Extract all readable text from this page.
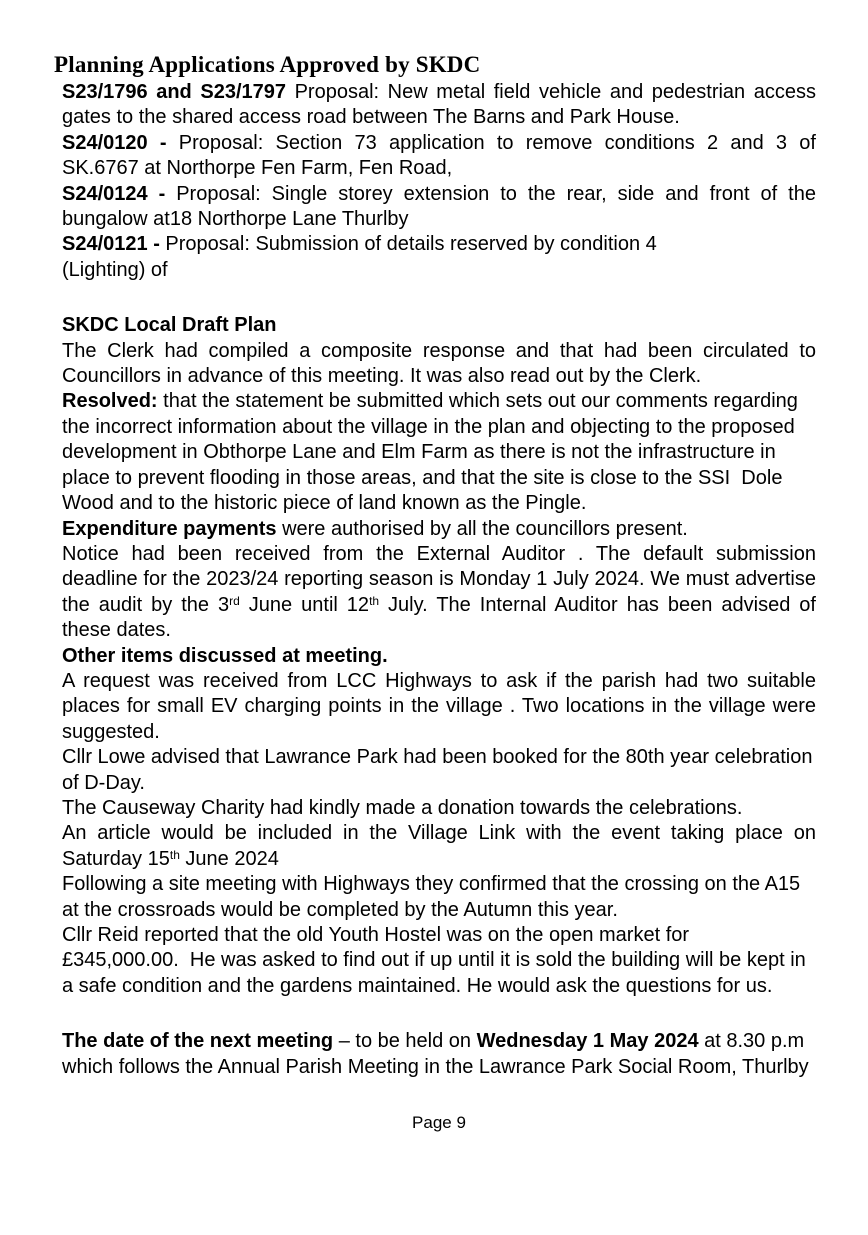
Planning Applications Approved by SKDC

S23/1796 and S23/1797 Proposal: New metal field vehicle and pedestrian access gates to the shared access road between The Barns and Park House.

S24/0120 - Proposal: Section 73 application to remove conditions 2 and 3 of SK.6767 at Northorpe Fen Farm, Fen Road,

S24/0124 - Proposal: Single storey extension to the rear, side and front of the bungalow at18 Northorpe Lane Thurlby

S24/0121 - Proposal: Submission of details reserved by condition 4
(Lighting) of

SKDC Local Draft Plan

The Clerk had compiled a composite response and that had been circulated to Councillors in advance of this meeting. It was also read out by the Clerk.

Resolved: that the statement be submitted which sets out our comments regarding the incorrect information about the village in the plan and objecting to the proposed development in Obthorpe Lane and Elm Farm as there is not the infrastructure in place to prevent flooding in those areas, and that the site is close to the SSI  Dole Wood and to the historic piece of land known as the Pingle.

Expenditure payments were authorised by all the councillors present.

Notice had been received from the External Auditor . The default submission deadline for the 2023/24 reporting season is Monday 1 July 2024. We must advertise the audit by the 3rd June until 12th July. The Internal Auditor has been advised of these dates.

Other items discussed at meeting.

A request was received from LCC Highways to ask if the parish had two suitable places for small EV charging points in the village . Two locations in the village were suggested.

Cllr Lowe advised that Lawrance Park had been booked for the 80th year celebration of D-Day.

The Causeway Charity had kindly made a donation towards the celebrations.

An article would be included in the Village Link with the event taking place on Saturday 15th June 2024

Following a site meeting with Highways they confirmed that the crossing on the A15 at the crossroads would be completed by the Autumn this year.

Cllr Reid reported that the old Youth Hostel was on the open market for £345,000.00.  He was asked to find out if up until it is sold the building will be kept in a safe condition and the gardens maintained. He would ask the questions for us.

The date of the next meeting – to be held on Wednesday 1 May 2024 at 8.30 p.m which follows the Annual Parish Meeting in the Lawrance Park Social Room, Thurlby

Page 9
